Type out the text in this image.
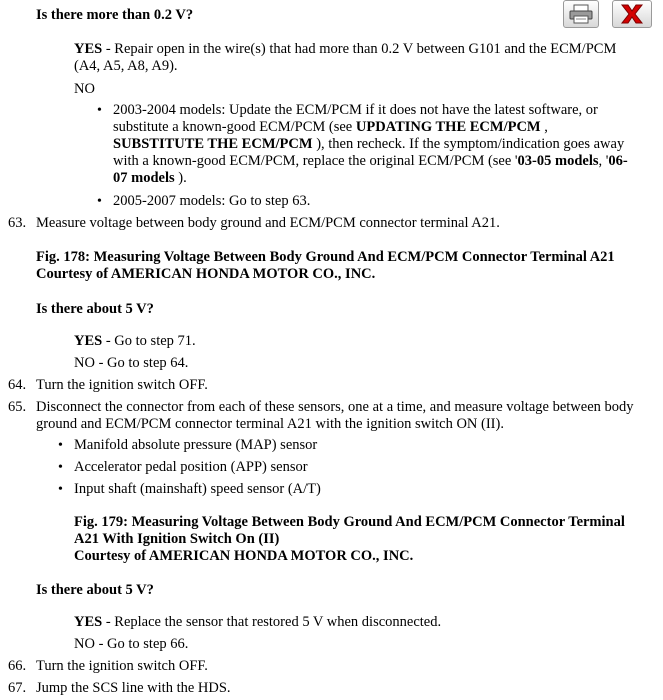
Is there more than 0.2 V?
YES - Repair open in the wire(s) that had more than 0.2 V between G101 and the ECM/PCM
(A4, A5, A8, A9).
NO
• 2003-2004 models: Update the ECM/PCM if it does not have the latest software, or
substitute a known-good ECM/PCM (see UPDATING THE ECM/PCM ,
SUBSTITUTE THE ECM/PCM ), then recheck. If the symptom/indication goes away
with a known-good ECM/PCM, replace the original ECM/PCM (see '03-05 models, '06-
07 models ).
• 2005-2007 models: Go to step 63.
63. Measure voltage between body ground and ECM/PCM connector terminal A21.
Fig. 178: Measuring Voltage Between Body Ground And ECM/PCM Connector Terminal A21
Courtesy of AMERICAN HONDA MOTOR CO., INC.
Is there about 5 V?
YES - Go to step 71.
NO - Go to step 64.
64. Turn the ignition switch OFF.
65. Disconnect the connector from each of these sensors, one at a time, and measure voltage between body
ground and ECM/PCM connector terminal A21 with the ignition switch ON (II).
• Manifold absolute pressure (MAP) sensor
• Accelerator pedal position (APP) sensor
• Input shaft (mainshaft) speed sensor (A/T)
Fig. 179: Measuring Voltage Between Body Ground And ECM/PCM Connector Terminal
A21 With Ignition Switch On (II)
Courtesy of AMERICAN HONDA MOTOR CO., INC.
Is there about 5 V?
YES - Replace the sensor that restored 5 V when disconnected.
NO - Go to step 66.
66. Turn the ignition switch OFF.
67. Jump the SCS line with the HDS.
